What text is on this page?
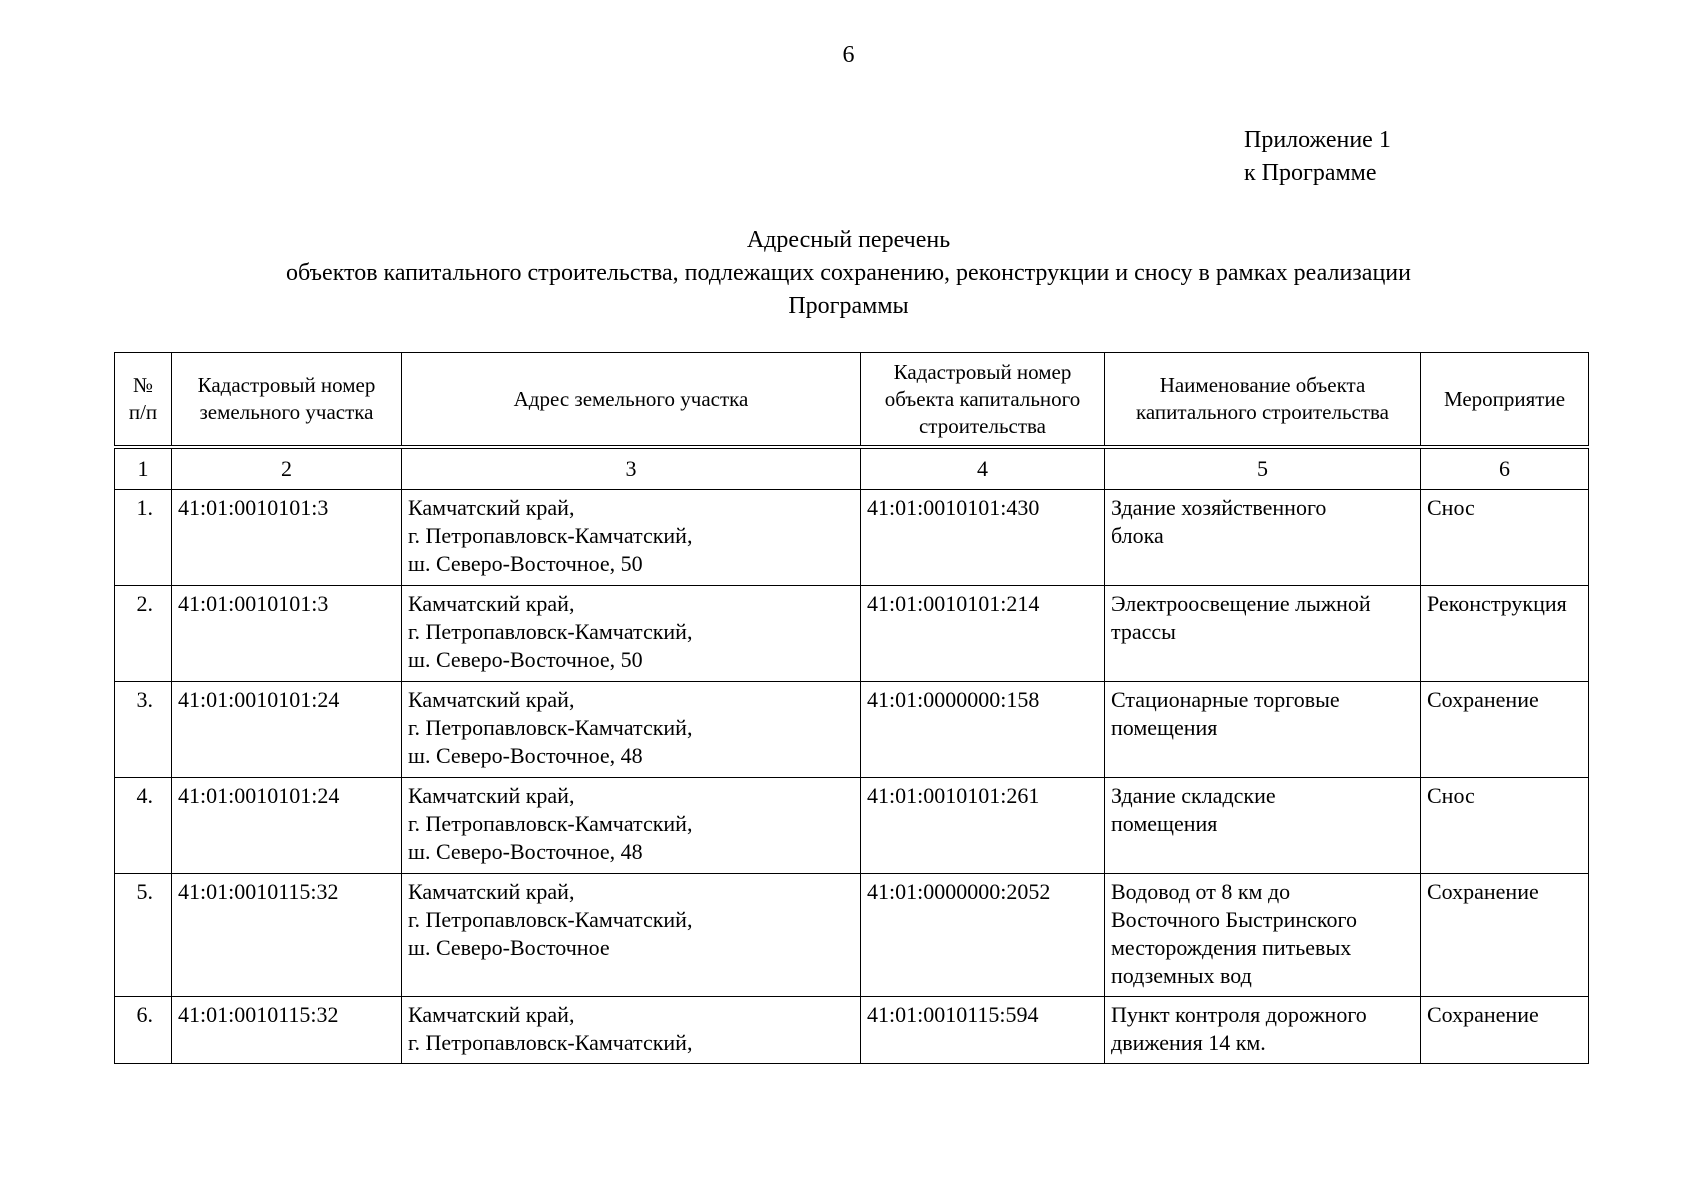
6
Приложение 1
к Программе
Адресный перечень
объектов капитального строительства, подлежащих сохранению, реконструкции и сносу в рамках реализации
Программы
№
п/п	Кадастровый номер
земельного участка	Адрес земельного участка	Кадастровый номер
объекта капитального
строительства	Наименование объекта
капитального строительства	Мероприятие

1	2	3	4	5	6
1.	41:01:0010101:3	Камчатский край,
г. Петропавловск-Камчатский,
ш. Северо-Восточное, 50	41:01:0010101:430	Здание хозяйственного
блока	Снос
2.	41:01:0010101:3	Камчатский край,
г. Петропавловск-Камчатский,
ш. Северо-Восточное, 50	41:01:0010101:214	Электроосвещение лыжной
трассы	Реконструкция
3.	41:01:0010101:24	Камчатский край,
г. Петропавловск-Камчатский,
ш. Северо-Восточное, 48	41:01:0000000:158	Стационарные торговые
помещения	Сохранение
4.	41:01:0010101:24	Камчатский край,
г. Петропавловск-Камчатский,
ш. Северо-Восточное, 48	41:01:0010101:261	Здание складские
помещения	Снос
5.	41:01:0010115:32	Камчатский край,
г. Петропавловск-Камчатский,
ш. Северо-Восточное	41:01:0000000:2052	Водовод от 8 км до
Восточного Быстринского
месторождения питьевых
подземных вод	Сохранение
6.	41:01:0010115:32	Камчатский край,
г. Петропавловск-Камчатский,	41:01:0010115:594	Пункт контроля дорожного
движения 14 км.	Сохранение
